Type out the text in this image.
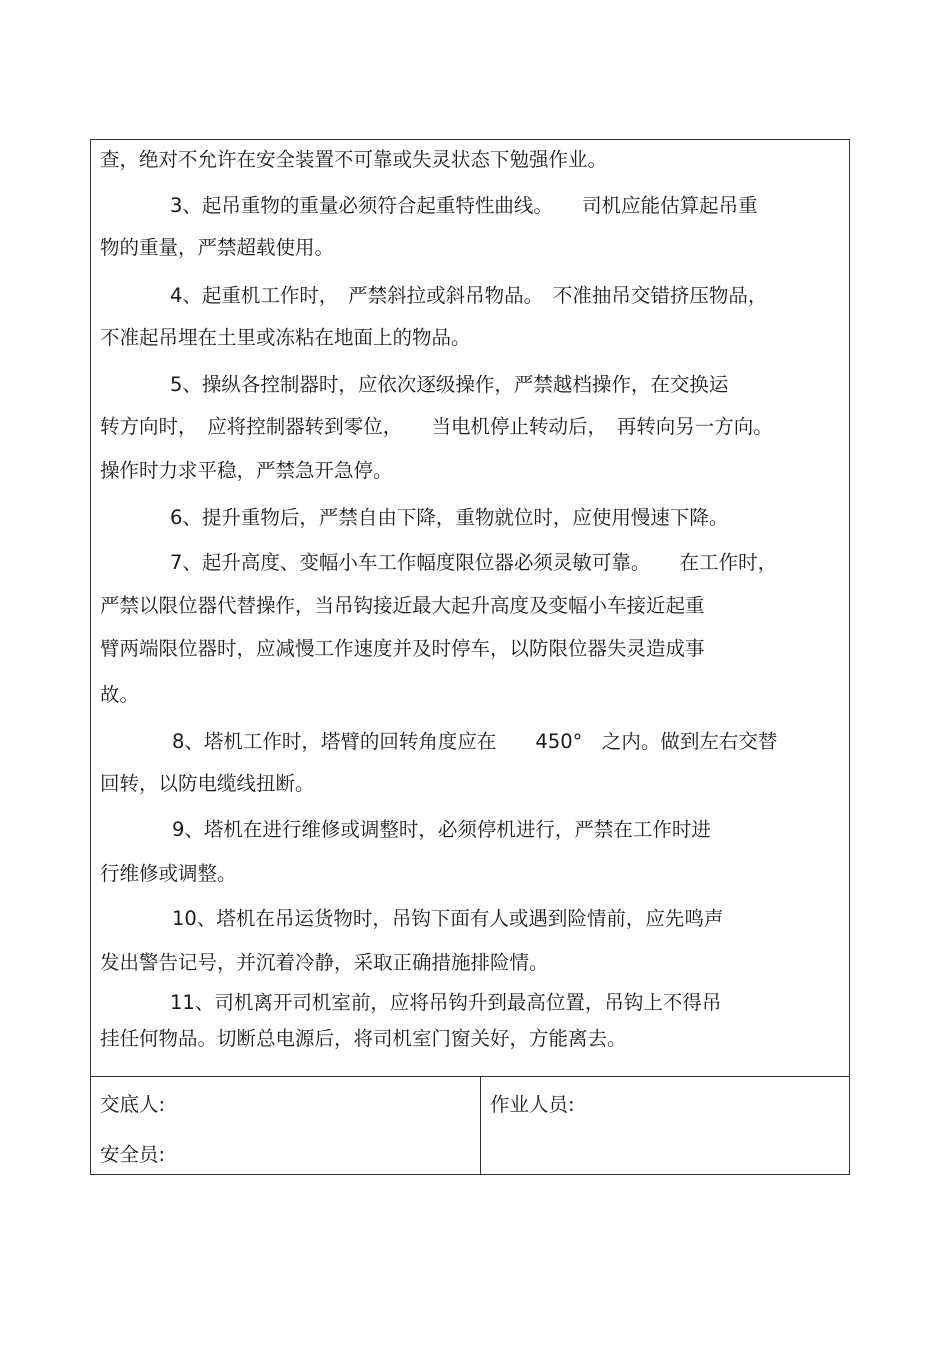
查，绝对不允许在安全装置不可靠或失灵状态下勉强作业。

3、起吊重物的重量必须符合起重特性曲线。　　司机应能估算起吊重

物的重量，严禁超载使用。

4、起重机工作时，　严禁斜拉或斜吊物品。　不准抽吊交错挤压物品，

不准起吊埋在土里或冻粘在地面上的物品。

5、操纵各控制器时，应依次逐级操作，严禁越档操作，在交换运

转方向时，　应将控制器转到零位，　　当电机停止转动后，　再转向另一方向。

操作时力求平稳，严禁急开急停。

6、提升重物后，严禁自由下降，重物就位时，应使用慢速下降。

7、起升高度、变幅小车工作幅度限位器必须灵敏可靠。　　在工作时，

严禁以限位器代替操作，当吊钩接近最大起升高度及变幅小车接近起重

臂两端限位器时，应减慢工作速度并及时停车，以防限位器失灵造成事

故。

8、塔机工作时，塔臂的回转角度应在　　450°　之内。做到左右交替

回转，以防电缆线扭断。

9、塔机在进行维修或调整时，必须停机进行，严禁在工作时进

行维修或调整。

10、塔机在吊运货物时，吊钩下面有人或遇到险情前，应先鸣声

发出警告记号，并沉着冷静，采取正确措施排险情。

11、司机离开司机室前，应将吊钩升到最高位置，吊钩上不得吊

挂任何物品。切断总电源后，将司机室门窗关好，方能离去。

交底人:

安全员:

作业人员:
